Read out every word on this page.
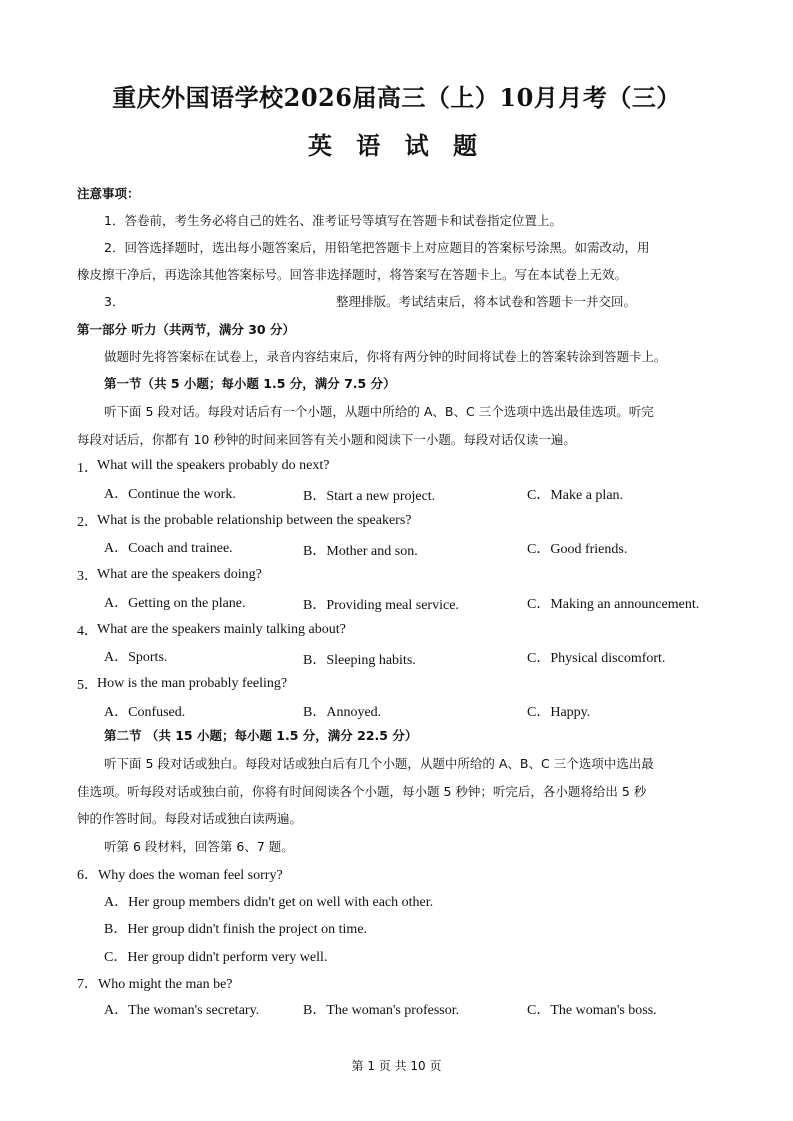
重庆外国语学校2026届高三（上）10月月考（三）
英 语 试 题
注意事项：
1．答卷前，考生务必将自己的姓名、准考证号等填写在答题卡和试卷指定位置上。
2．回答选择题时，选出每小题答案后，用铅笔把答题卡上对应题目的答案标号涂黑。如需改动，用
橡皮擦干净后，再选涂其他答案标号。回答非选择题时，将答案写在答题卡上。写在本试卷上无效。
3．	整理排版。考试结束后，将本试卷和答题卡一并交回。
第一部分 听力（共两节，满分 30 分）
做题时先将答案标在试卷上，录音内容结束后，你将有两分钟的时间将试卷上的答案转涂到答题卡上。
第一节（共 5 小题；每小题 1.5 分，满分 7.5 分）
听下面 5 段对话。每段对话后有一个小题，从题中所给的 A、B、C 三个选项中选出最佳选项。听完
每段对话后，你都有 10 秒钟的时间来回答有关小题和阅读下一小题。每段对话仅读一遍。
1． What will the speakers probably do next?
A．Continue the work.	B．Start a new project.	C．Make a plan.
2． What is the probable relationship between the speakers?
A．Coach and trainee.	B．Mother and son.	C．Good friends.
3． What are the speakers doing?
A．Getting on the plane.	B．Providing meal service.	C．Making an announcement.
4． What are the speakers mainly talking about?
A．Sports.	B．Sleeping habits.	C．Physical discomfort.
5． How is the man probably feeling?
A．Confused.	B．Annoyed.	C．Happy.
第二节 （共 15 小题；每小题 1.5 分，满分 22.5 分）
听下面 5 段对话或独白。每段对话或独白后有几个小题，从题中所给的 A、B、C 三个选项中选出最
佳选项。听每段对话或独白前，你将有时间阅读各个小题，每小题 5 秒钟；听完后，各小题将给出 5 秒
钟的作答时间。每段对话或独白读两遍。
听第 6 段材料，回答第 6、7 题。
6．Why does the woman feel sorry?
A．Her group members didn't get on well with each other.
B．Her group didn't finish the project on time.
C．Her group didn't perform very well.
7．Who might the man be?
A．The woman's secretary.	B．The woman's professor.	C．The woman's boss.
第 1 页 共 10 页
